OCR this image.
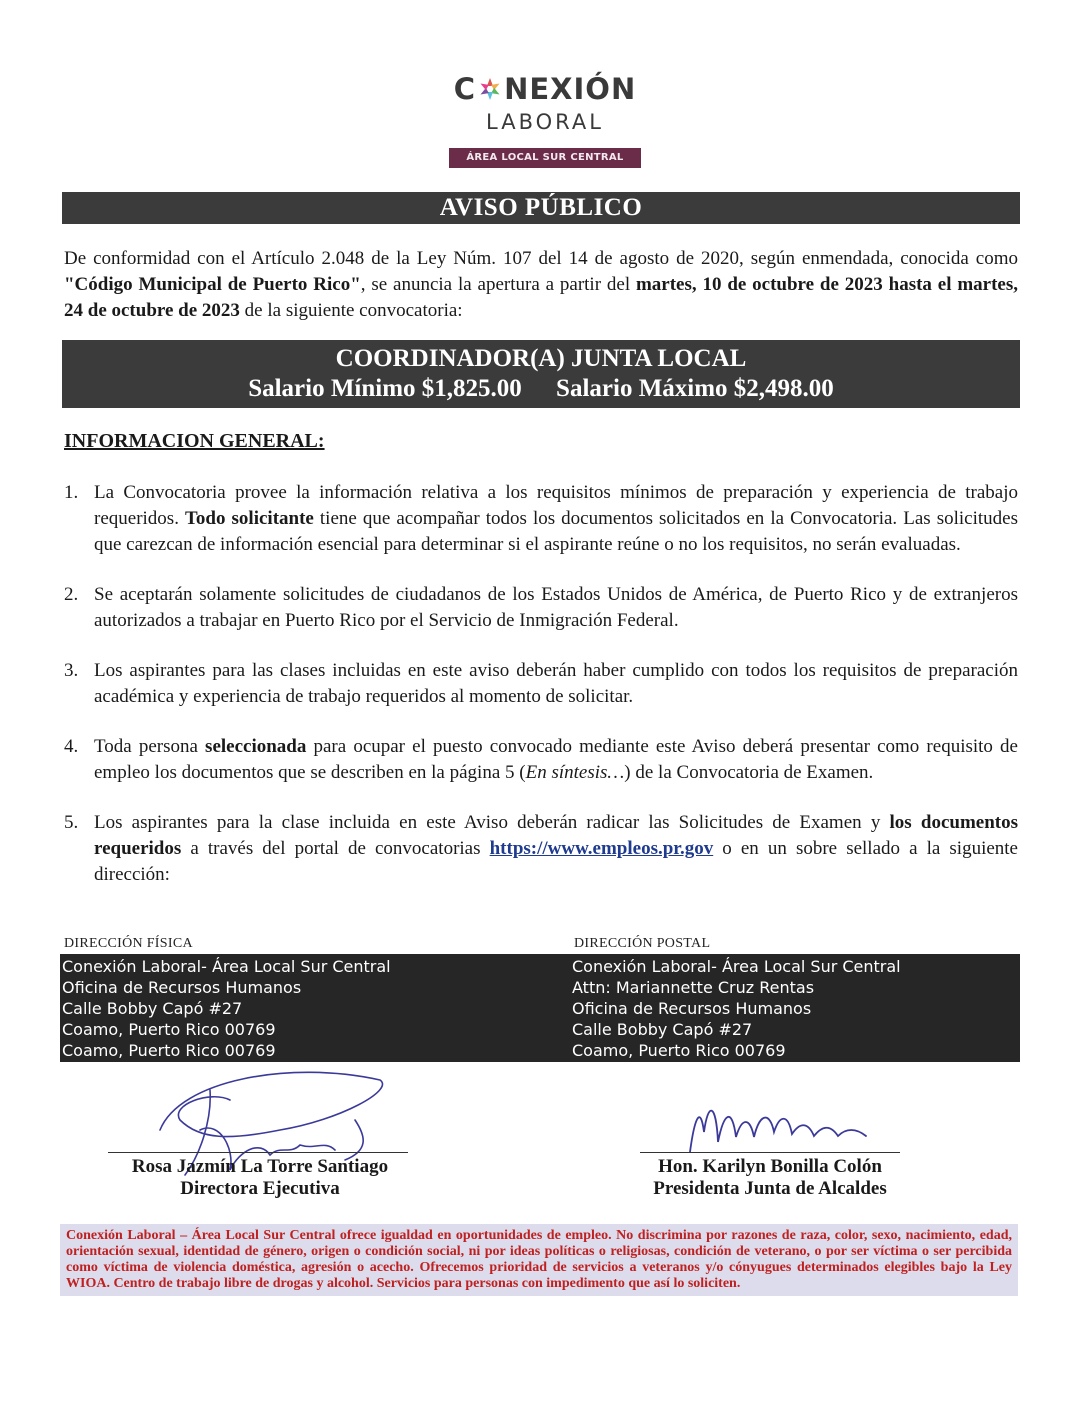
C NEXIÓN
LABORAL
ÁREA LOCAL SUR CENTRAL
AVISO PÚBLICO

De conformidad con el Artículo 2.048 de la Ley Núm. 107 del 14 de agosto de 2020, según enmendada, conocida como "Código Municipal de Puerto Rico", se anuncia la apertura a partir del martes, 10 de octubre de 2023 hasta el martes, 24 de octubre de 2023 de la siguiente convocatoria:

COORDINADOR(A) JUNTA LOCAL
Salario Mínimo $1,825.00 Salario Máximo $2,498.00
INFORMACION GENERAL:
1. La Convocatoria provee la información relativa a los requisitos mínimos de preparación y experiencia de trabajo requeridos. Todo solicitante tiene que acompañar todos los documentos solicitados en la Convocatoria. Las solicitudes que carezcan de información esencial para determinar si el aspirante reúne o no los requisitos, no serán evaluadas.
2. Se aceptarán solamente solicitudes de ciudadanos de los Estados Unidos de América, de Puerto Rico y de extranjeros autorizados a trabajar en Puerto Rico por el Servicio de Inmigración Federal.
3. Los aspirantes para las clases incluidas en este aviso deberán haber cumplido con todos los requisitos de preparación académica y experiencia de trabajo requeridos al momento de solicitar.
4. Toda persona seleccionada para ocupar el puesto convocado mediante este Aviso deberá presentar como requisito de empleo los documentos que se describen en la página 5 (En síntesis…) de la Convocatoria de Examen.
5. Los aspirantes para la clase incluida en este Aviso deberán radicar las Solicitudes de Examen y los documentos requeridos a través del portal de convocatorias https://www.empleos.pr.gov o en un sobre sellado a la siguiente dirección:
DIRECCIÓN FÍSICA
Conexión Laboral- Área Local Sur Central
Oficina de Recursos Humanos
Calle Bobby Capó #27
Coamo, Puerto Rico 00769
Coamo, Puerto Rico 00769
DIRECCIÓN POSTAL
Conexión Laboral- Área Local Sur Central
Attn: Mariannette Cruz Rentas
Oficina de Recursos Humanos
Calle Bobby Capó #27
Coamo, Puerto Rico 00769
Rosa Jazmín La Torre Santiago
Directora Ejecutiva
Hon. Karilyn Bonilla Colón
Presidenta Junta de Alcaldes
Conexión Laboral – Área Local Sur Central ofrece igualdad en oportunidades de empleo. No discrimina por razones de raza, color, sexo, nacimiento, edad, orientación sexual, identidad de género, origen o condición social, ni por ideas políticas o religiosas, condición de veterano, o por ser víctima o ser percibida como víctima de violencia doméstica, agresión o acecho. Ofrecemos prioridad de servicios a veteranos y/o cónyugues determinados elegibles bajo la Ley WIOA. Centro de trabajo libre de drogas y alcohol. Servicios para personas con impedimento que así lo soliciten.
